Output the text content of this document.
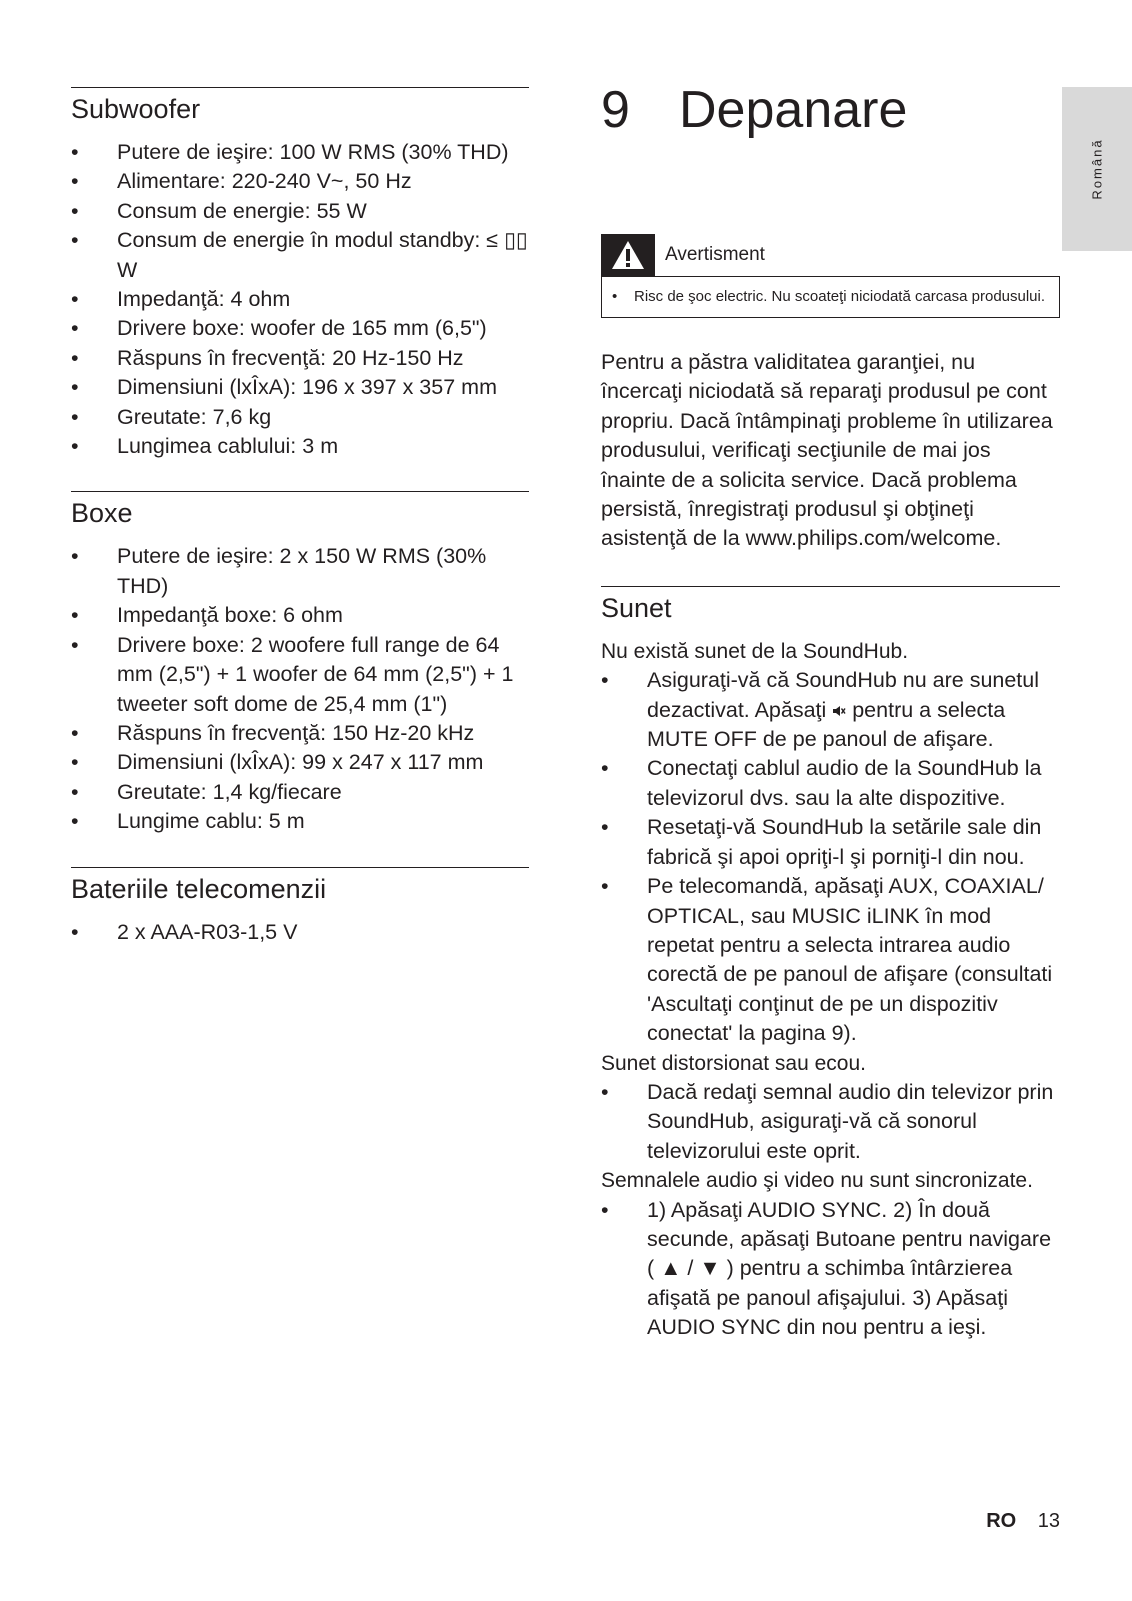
Subwoofer
• Putere de ieşire: 100 W RMS (30% THD)
• Alimentare: 220-240 V~, 50 Hz
• Consum de energie: 55 W
• Consum de energie în modul standby: ≤ ▯▯ W
• Impedanţă: 4 ohm
• Drivere boxe: woofer de 165 mm (6,5")
• Răspuns în frecvenţă: 20 Hz-150 Hz
• Dimensiuni (lxÎxA): 196 x 397 x 357 mm
• Greutate: 7,6 kg
• Lungimea cablului: 3 m
Boxe
• Putere de ieşire: 2 x 150 W RMS (30% THD)
• Impedanţă boxe: 6 ohm
• Drivere boxe: 2 woofere full range de 64 mm (2,5") + 1 woofer de 64 mm (2,5") + 1 tweeter soft dome de 25,4 mm (1")
• Răspuns în frecvenţă: 150 Hz-20 kHz
• Dimensiuni (lxÎxA): 99 x 247 x 117 mm
• Greutate: 1,4 kg/fiecare
• Lungime cablu: 5 m
Bateriile telecomenzii
• 2 x AAA-R03-1,5 V
9 Depanare
Avertisment
• Risc de şoc electric. Nu scoateţi niciodată carcasa produsului.

Pentru a păstra validitatea garanţiei, nu încercaţi niciodată să reparaţi produsul pe cont propriu. Dacă întâmpinaţi probleme în utilizarea produsului, verificaţi secţiunile de mai jos înainte de a solicita service. Dacă problema persistă, înregistraţi produsul şi obţineţi asistenţă de la www.philips.com/welcome.

Sunet

Nu există sunet de la SoundHub.

• Asiguraţi-vă că SoundHub nu are sunetul dezactivat. Apăsaţi  pentru a selecta MUTE OFF de pe panoul de afişare.
• Conectaţi cablul audio de la SoundHub la televizorul dvs. sau la alte dispozitive.
• Resetaţi-vă SoundHub la setările sale din fabrică şi apoi opriţi-l şi porniţi-l din nou.
• Pe telecomandă, apăsaţi AUX, COAXIAL/ OPTICAL, sau MUSIC iLINK în mod repetat pentru a selecta intrarea audio corectă de pe panoul de afişare (consultati 'Ascultaţi conţinut de pe un dispozitiv conectat' la pagina 9).

Sunet distorsionat sau ecou.

• Dacă redaţi semnal audio din televizor prin SoundHub, asiguraţi-vă că sonorul televizorului este oprit.

Semnalele audio şi video nu sunt sincronizate.

• 1) Apăsaţi AUDIO SYNC. 2) În două secunde, apăsaţi Butoane pentru navigare ( ▲ / ▼ ) pentru a schimba întârzierea afişată pe panoul afişajului. 3) Apăsaţi AUDIO SYNC din nou pentru a ieşi.
Română
RO 13
